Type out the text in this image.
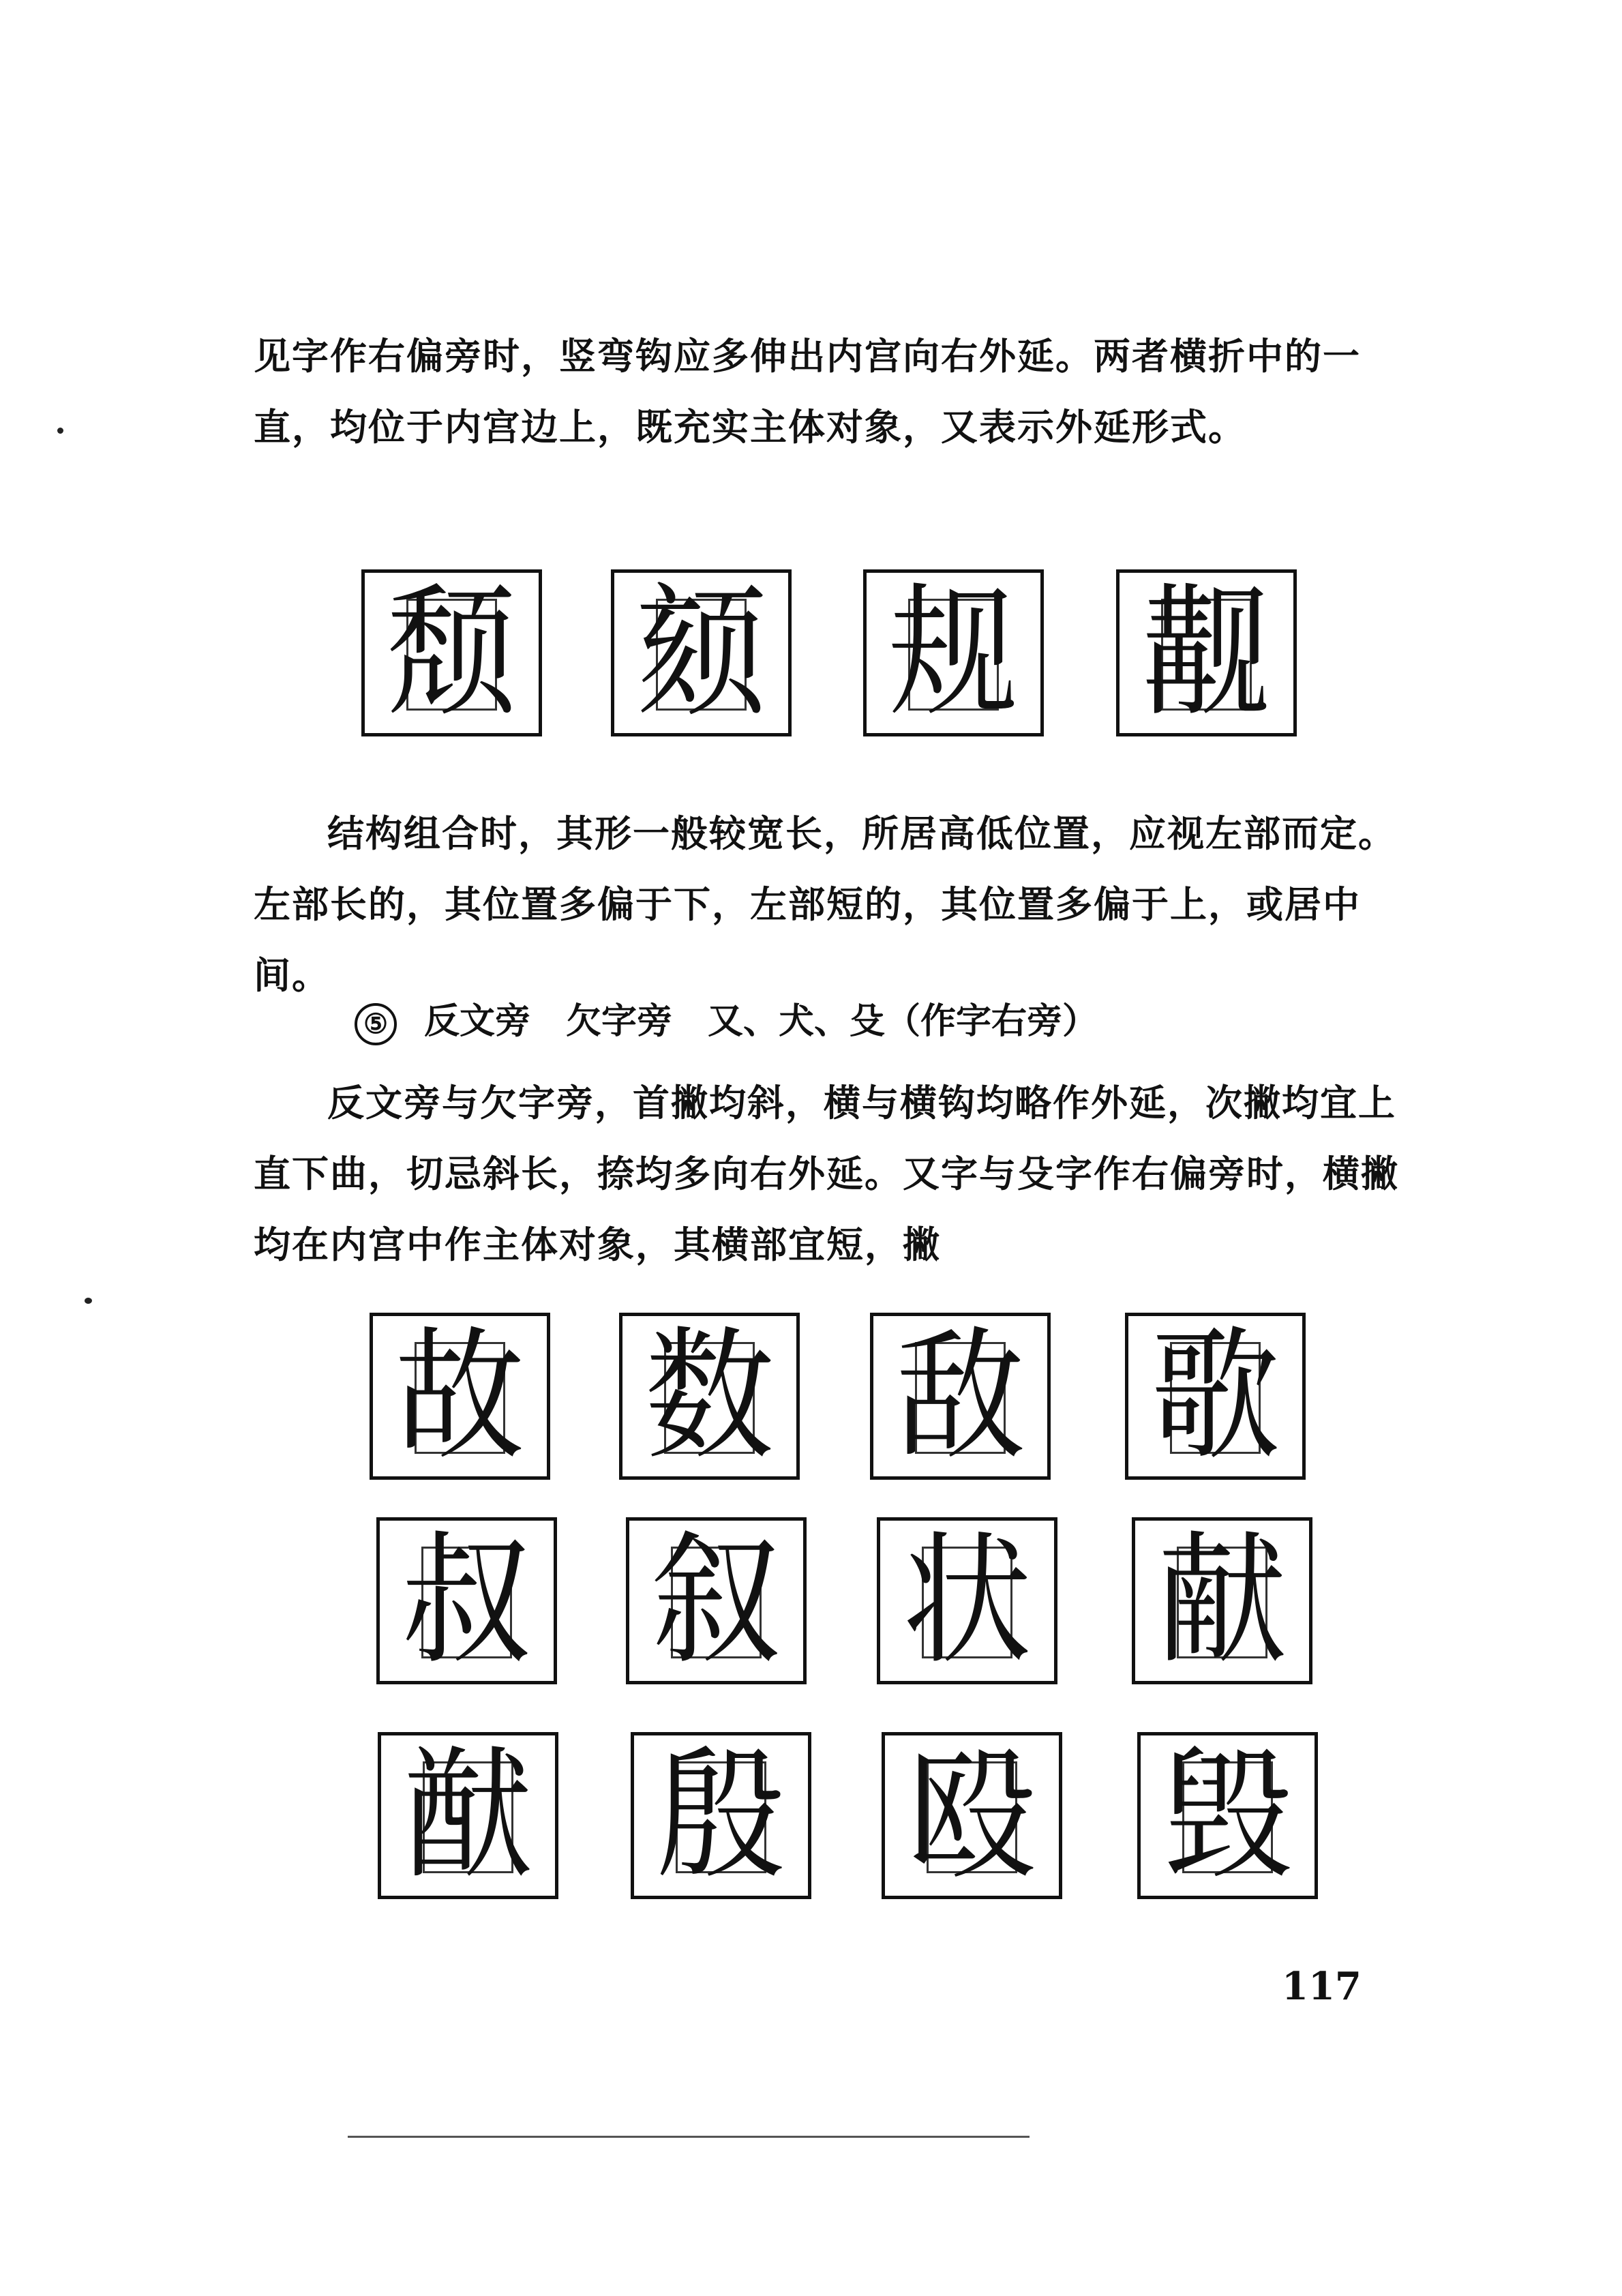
见字作右偏旁时，竖弯钩应多伸出内宫向右外延。两者横折中的一直，均位于内宫边上，既充实主体对象，又表示外延形式。

颓 颏 规 觏

结构组合时，其形一般较宽长，所居高低位置，应视左部而定。左部长的，其位置多偏于下，左部短的，其位置多偏于上，或居中间。

⑤ 反文旁　欠字旁　又、犬、殳（作字右旁）

反文旁与欠字旁，首撇均斜，横与横钩均略作外延，次撇均宜上直下曲，切忌斜长，捺均多向右外延。又字与殳字作右偏旁时，横撇均在内宫中作主体对象，其横部宜短，撇

故 数 敌 歌
叔 叙 状 献
猷 殷 殴 毁
117
